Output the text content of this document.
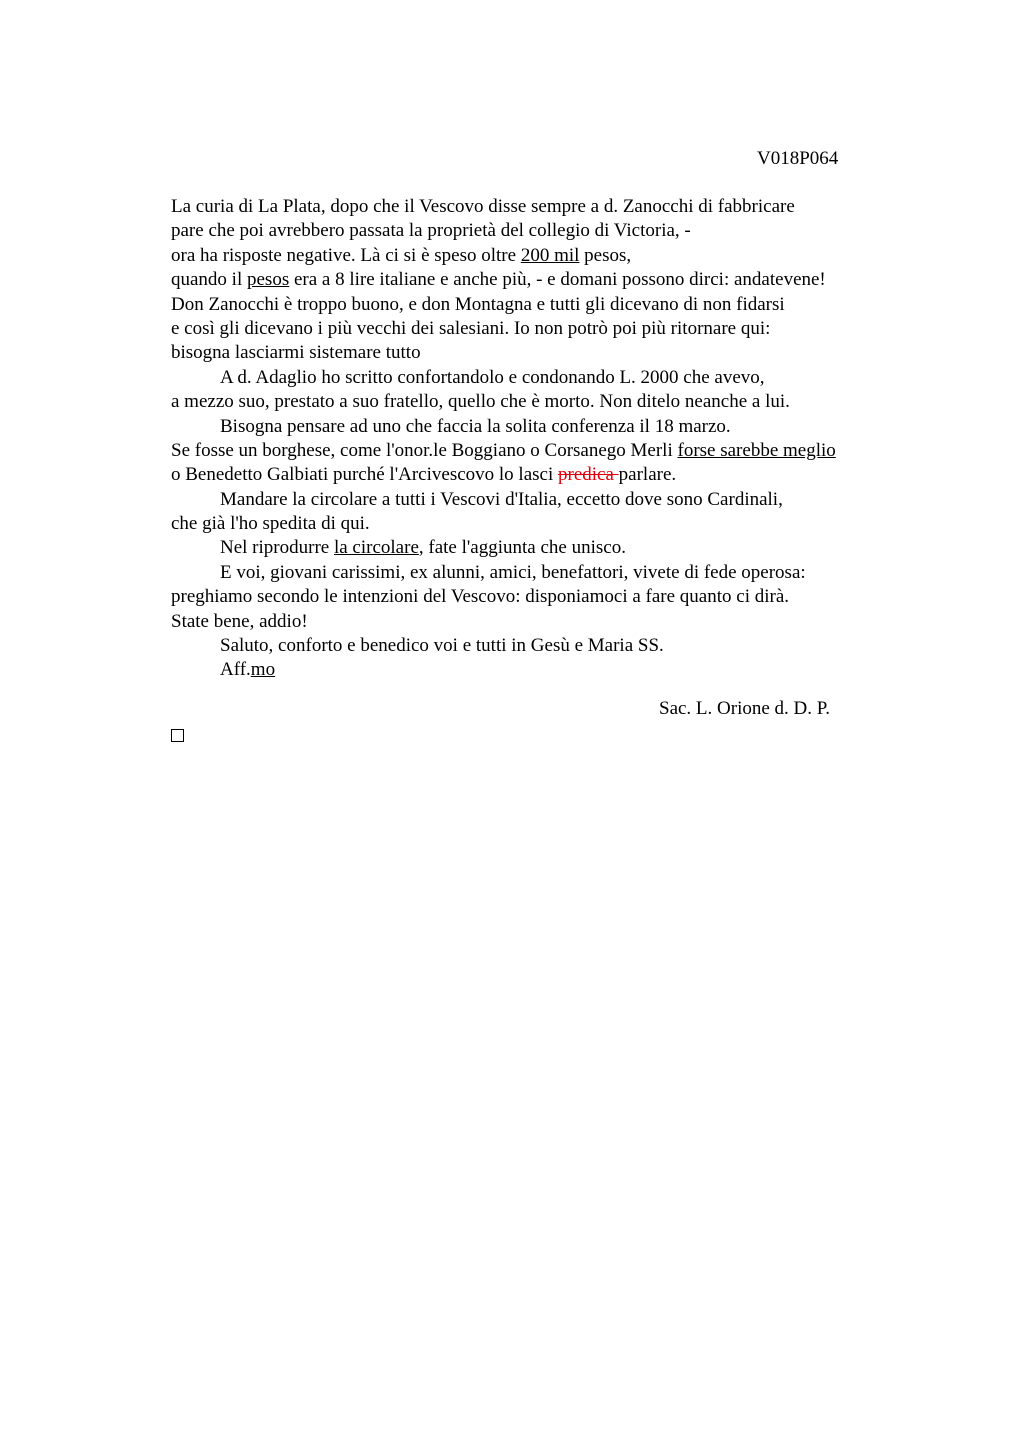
V018P064
La curia di La Plata, dopo che il Vescovo disse sempre a d. Zanocchi di fabbricare
pare che poi avrebbero passata la proprietà del collegio di Victoria, -
ora ha risposte negative. Là ci si è speso oltre 200 mil pesos,
quando il pesos era a 8 lire italiane e anche più, - e domani possono dirci: andatevene!
Don Zanocchi è troppo buono, e don Montagna e tutti gli dicevano di non fidarsi
e così gli dicevano i più vecchi dei salesiani. Io non potrò poi più ritornare qui:
bisogna lasciarmi sistemare tutto
A d. Adaglio ho scritto confortandolo e condonando L. 2000 che avevo,
a mezzo suo, prestato a suo fratello, quello che è morto. Non ditelo neanche a lui.
Bisogna pensare ad uno che faccia la solita conferenza il 18 marzo.
Se fosse un borghese, come l'onor.le Boggiano o Corsanego Merli forse sarebbe meglio
o Benedetto Galbiati purché l'Arcivescovo lo lasci predica parlare.
Mandare la circolare a tutti i Vescovi d'Italia, eccetto dove sono Cardinali,
che già l'ho spedita di qui.
Nel riprodurre la circolare, fate l'aggiunta che unisco.
E voi, giovani carissimi, ex alunni, amici, benefattori, vivete di fede operosa:
preghiamo secondo le intenzioni del Vescovo: disponiamoci a fare quanto ci dirà.
State bene, addio!
Saluto, conforto e benedico voi e tutti in Gesù e Maria SS.
Aff.mo
Sac. L. Orione d. D. P.
